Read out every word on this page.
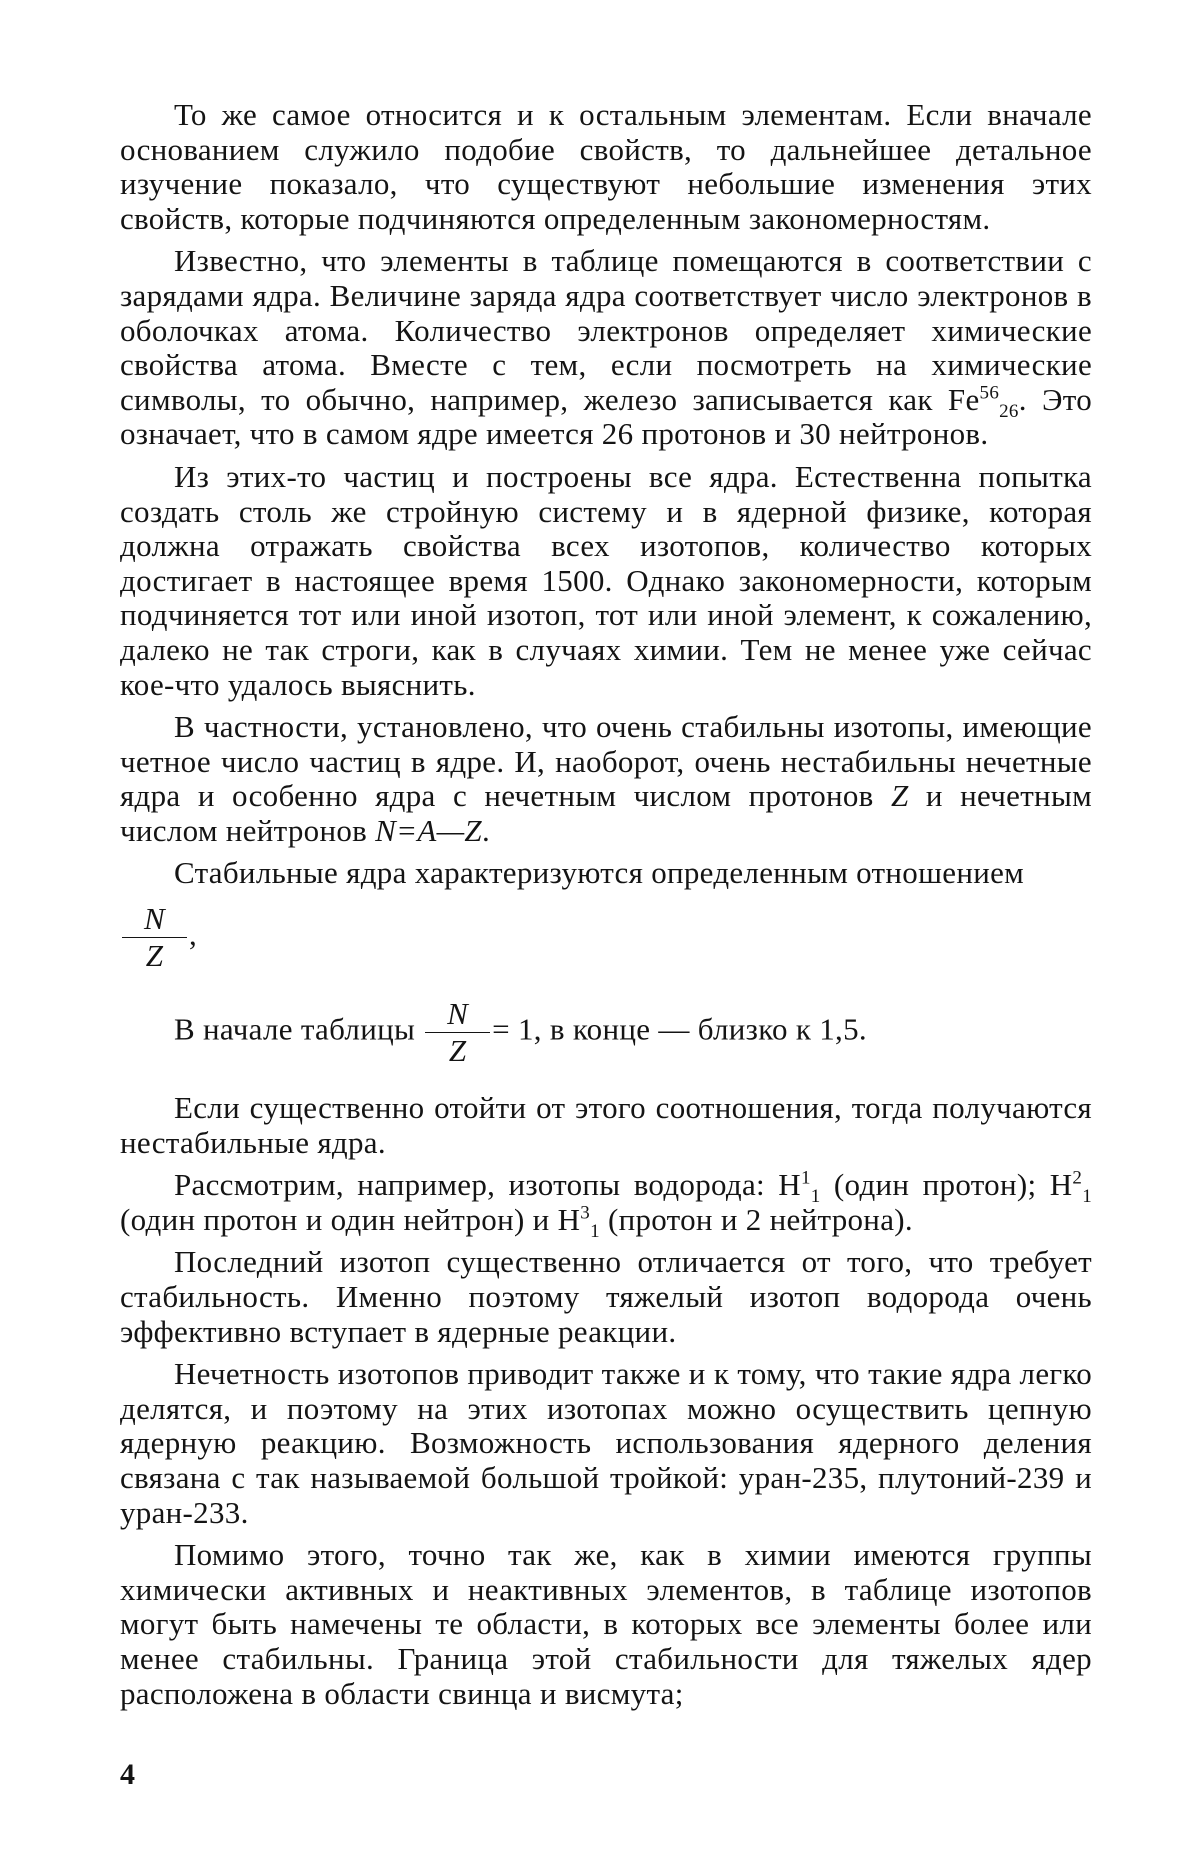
То же самое относится и к остальным элементам. Если вначале основанием служило подобие свойств, то дальнейшее детальное изучение показало, что существуют небольшие изменения этих свойств, которые подчиняются определенным закономерностям.

Известно, что элементы в таблице помещаются в соответствии с зарядами ядра. Величине заряда ядра соответствует число электронов в оболочках атома. Количество электронов определяет химические свойства атома. Вместе с тем, если посмотреть на химические символы, то обычно, например, железо записывается как $Fe^{56}_{26}$. Это означает, что в самом ядре имеется 26 протонов и 30 нейтронов.

Из этих-то частиц и построены все ядра. Естественна попытка создать столь же стройную систему и в ядерной физике, которая должна отражать свойства всех изотопов, количество которых достигает в настоящее время 1500. Однако закономерности, которым подчиняется тот или иной изотоп, тот или иной элемент, к сожалению, далеко не так строги, как в случаях химии. Тем не менее уже сейчас кое-что удалось выяснить.

В частности, установлено, что очень стабильны изотопы, имеющие четное число частиц в ядре. И, наоборот, очень нестабильны нечетные ядра и особенно ядра с нечетным числом протонов Z и нечетным числом нейтронов N=A—Z.

Стабильные ядра характеризуются определенным отношением

$\frac{N}{Z}$ ,

В начале таблицы $\frac{N}{Z} = 1$, в конце — близко к 1,5.

Если существенно отойти от этого соотношения, тогда получаются нестабильные ядра.

Рассмотрим, например, изотопы водорода: $H^1_1$ (один протон); $H^2_1$ (один протон и один нейтрон) и $H^3_1$ (протон и 2 нейтрона).

Последний изотоп существенно отличается от того, что требует стабильность. Именно поэтому тяжелый изотоп водорода очень эффективно вступает в ядерные реакции.

Нечетность изотопов приводит также и к тому, что такие ядра легко делятся, и поэтому на этих изотопах можно осуществить цепную ядерную реакцию. Возможность использования ядерного деления связана с так называемой большой тройкой: уран-235, плутоний-239 и уран-233.

Помимо этого, точно так же, как в химии имеются группы химически активных и неактивных элементов, в таблице изотопов могут быть намечены те области, в которых все элементы более или менее стабильны. Граница этой стабильности для тяжелых ядер расположена в области свинца и висмута;

4
